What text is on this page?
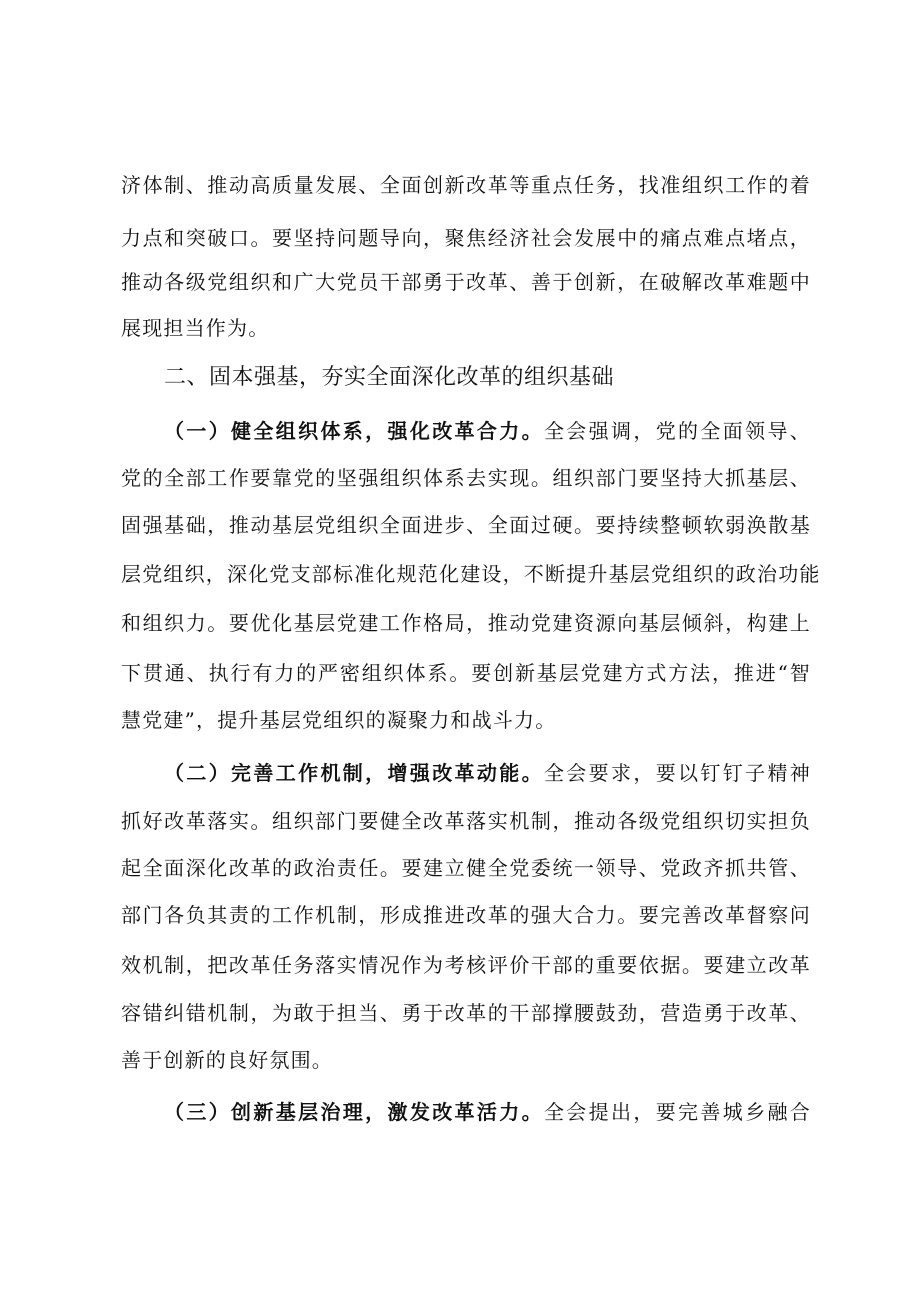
济体制、推动高质量发展、全面创新改革等重点任务，找准组织工作的着
力点和突破口。要坚持问题导向，聚焦经济社会发展中的痛点难点堵点，
推动各级党组织和广大党员干部勇于改革、善于创新，在破解改革难题中
展现担当作为。
二、固本强基，夯实全面深化改革的组织基础
（一）健全组织体系，强化改革合力。全会强调，党的全面领导、
党的全部工作要靠党的坚强组织体系去实现。组织部门要坚持大抓基层、
固强基础，推动基层党组织全面进步、全面过硬。要持续整顿软弱涣散基
层党组织，深化党支部标准化规范化建设，不断提升基层党组织的政治功能
和组织力。要优化基层党建工作格局，推动党建资源向基层倾斜，构建上
下贯通、执行有力的严密组织体系。要创新基层党建方式方法，推进“智
慧党建”，提升基层党组织的凝聚力和战斗力。
（二）完善工作机制，增强改革动能。全会要求，要以钉钉子精神
抓好改革落实。组织部门要健全改革落实机制，推动各级党组织切实担负
起全面深化改革的政治责任。要建立健全党委统一领导、党政齐抓共管、
部门各负其责的工作机制，形成推进改革的强大合力。要完善改革督察问
效机制，把改革任务落实情况作为考核评价干部的重要依据。要建立改革
容错纠错机制，为敢于担当、勇于改革的干部撑腰鼓劲，营造勇于改革、
善于创新的良好氛围。
（三）创新基层治理，激发改革活力。全会提出，要完善城乡融合
